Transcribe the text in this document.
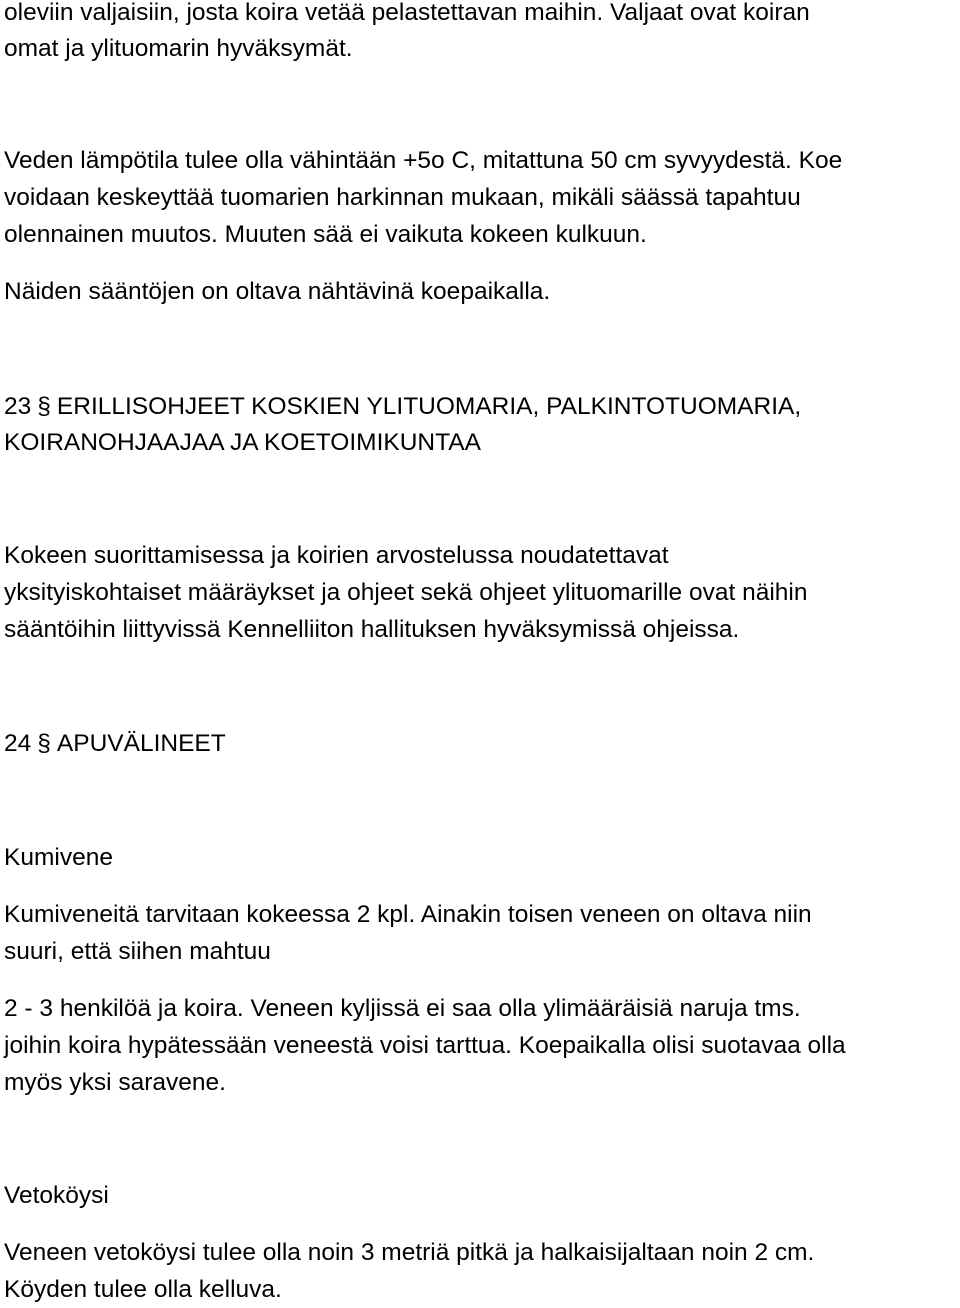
oleviin valjaisiin, josta koira vetää pelastettavan maihin. Valjaat ovat koiran
omat ja ylituomarin hyväksymät.
Veden lämpötila tulee olla vähintään +5o C, mitattuna 50 cm syvyydestä. Koe
voidaan keskeyttää tuomarien harkinnan mukaan, mikäli säässä tapahtuu
olennainen muutos. Muuten sää ei vaikuta kokeen kulkuun.
Näiden sääntöjen on oltava nähtävinä koepaikalla.
23 § ERILLISOHJEET KOSKIEN YLITUOMARIA, PALKINTOTUOMARIA,
KOIRANOHJAAJAA JA KOETOIMIKUNTAA
Kokeen suorittamisessa ja koirien arvostelussa noudatettavat
yksityiskohtaiset määräykset ja ohjeet sekä ohjeet ylituomarille ovat näihin
sääntöihin liittyvissä Kennelliiton hallituksen hyväksymissä ohjeissa.
24 § APUVÄLINEET
Kumivene
Kumiveneitä tarvitaan kokeessa 2 kpl. Ainakin toisen veneen on oltava niin
suuri, että siihen mahtuu
2 - 3 henkilöä ja koira. Veneen kyljissä ei saa olla ylimääräisiä naruja tms.
joihin koira hypätessään veneestä voisi tarttua. Koepaikalla olisi suotavaa olla
myös yksi saravene.
Vetoköysi
Veneen vetoköysi tulee olla noin 3 metriä pitkä ja halkaisijaltaan noin 2 cm.
Köyden tulee olla kelluva.
